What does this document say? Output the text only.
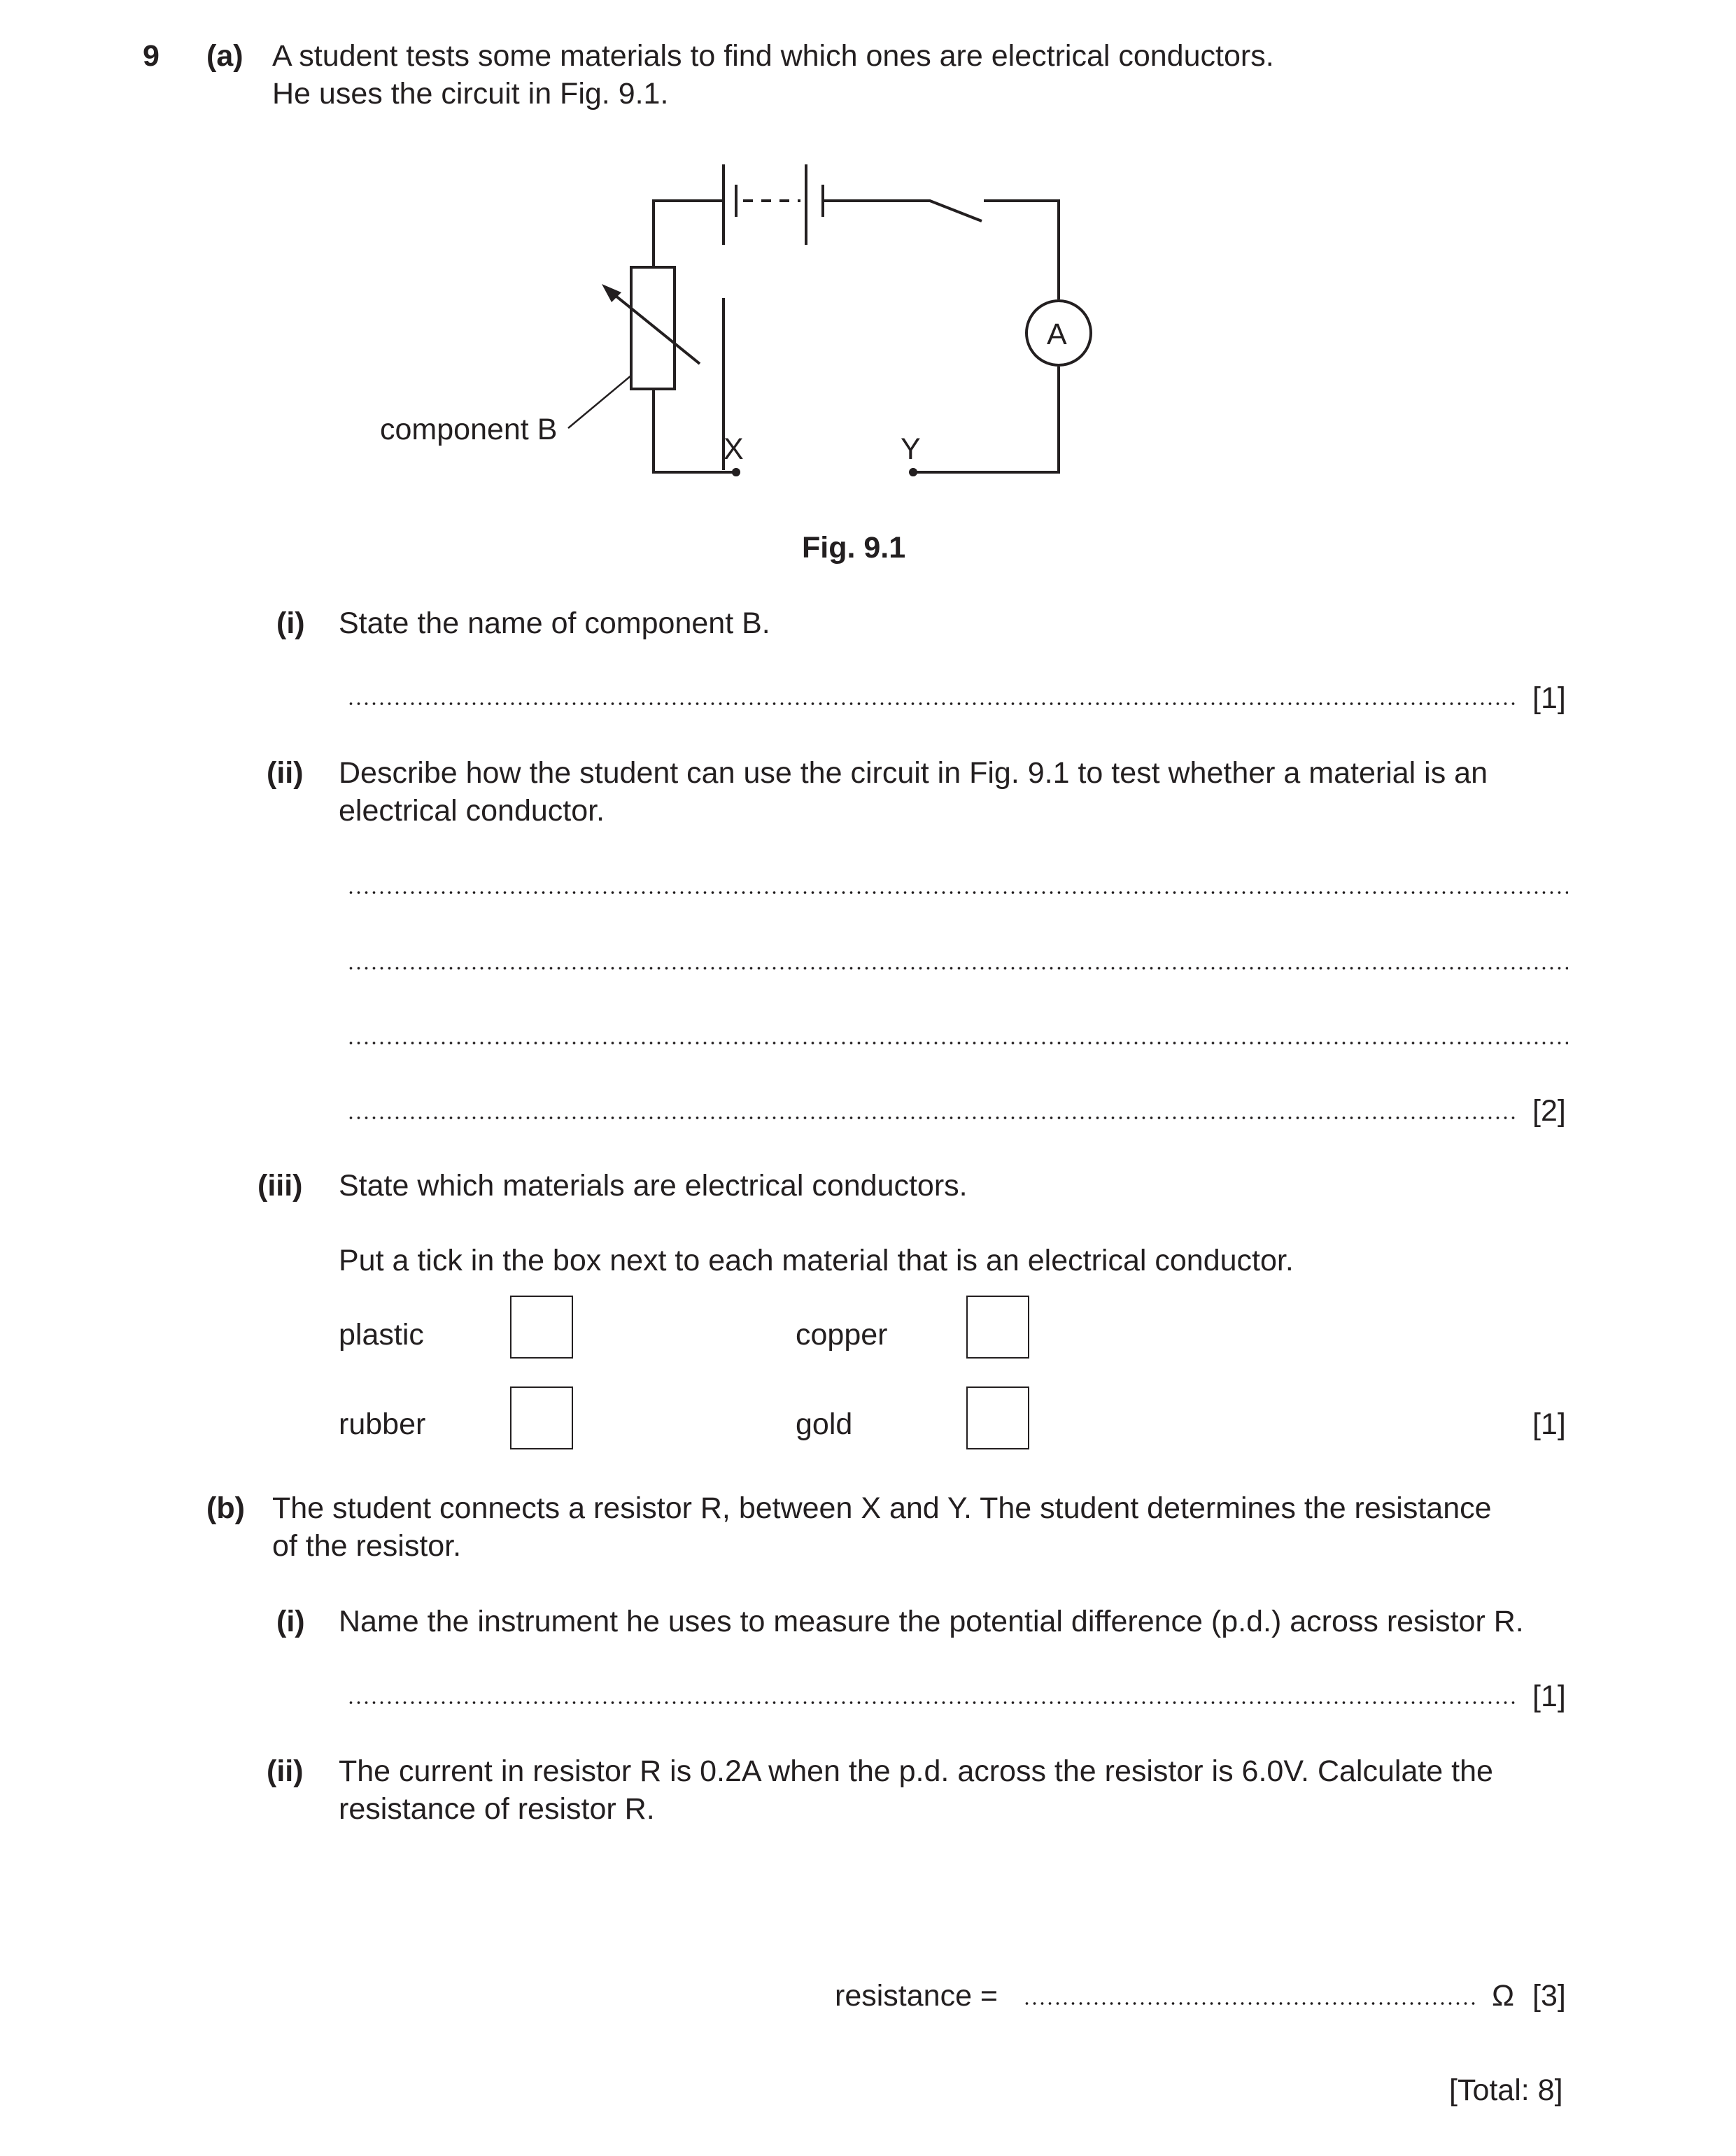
9 (a) A student tests some materials to find which ones are electrical conductors.
He uses the circuit in Fig. 9.1.
A
component B
X	Y
Fig. 9.1
(i) State the name of component B.
[1]
(ii) Describe how the student can use the circuit in Fig. 9.1 to test whether a material is an
electrical conductor.
[2]
(iii) State which materials are electrical conductors.
Put a tick in the box next to each material that is an electrical conductor.
plastic	copper
rubber	gold	[1]
(b) The student connects a resistor R, between X and Y. The student determines the resistance
of the resistor.
(i) Name the instrument he uses to measure the potential difference (p.d.) across resistor R.
[1]
(ii) The current in resistor R is 0.2A when the p.d. across the resistor is 6.0V. Calculate the
resistance of resistor R.
resistance =	Ω [3]
[Total: 8]
